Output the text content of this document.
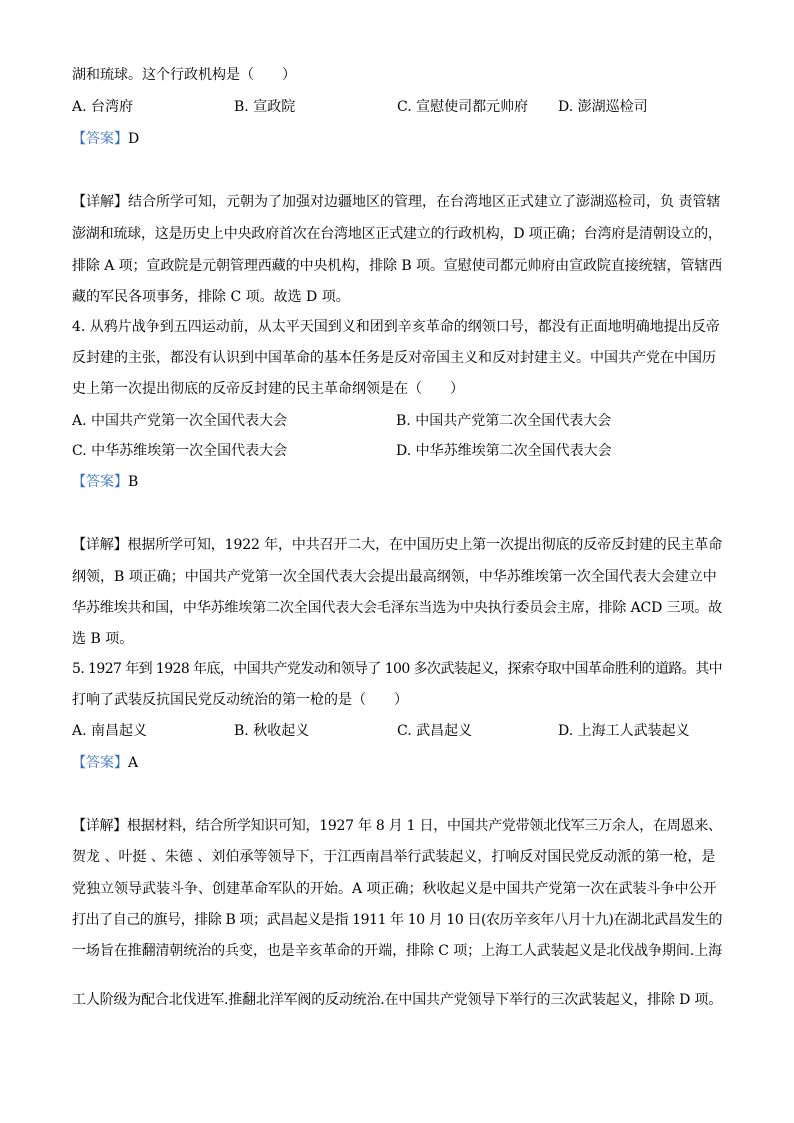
湖和琉球。这个行政机构是（　　）
A. 台湾府	B. 宣政院	C. 宣慰使司都元帅府 D. 澎湖巡检司
【答案】D
【详解】结合所学可知，元朝为了加强对边疆地区的管理，在台湾地区正式建立了澎湖巡检司，负 责管辖
澎湖和琉球，这是历史上中央政府首次在台湾地区正式建立的行政机构，D 项正确；台湾府是清朝设立的，
排除 A 项；宣政院是元朝管理西藏的中央机构，排除 B 项。宣慰使司都元帅府由宣政院直接统辖，管辖西
藏的军民各项事务，排除 C 项。故选 D 项。
4. 从鸦片战争到五四运动前，从太平天国到义和团到辛亥革命的纲领口号，都没有正面地明确地提出反帝
反封建的主张，都没有认识到中国革命的基本任务是反对帝国主义和反对封建主义。中国共产党在中国历
史上第一次提出彻底的反帝反封建的民主革命纲领是在（　　）
A. 中国共产党第一次全国代表大会	B. 中国共产党第二次全国代表大会
C. 中华苏维埃第一次全国代表大会	D. 中华苏维埃第二次全国代表大会
【答案】B
【详解】根据所学可知，1922 年，中共召开二大，在中国历史上第一次提出彻底的反帝反封建的民主革命
纲领，B 项正确；中国共产党第一次全国代表大会提出最高纲领，中华苏维埃第一次全国代表大会建立中
华苏维埃共和国，中华苏维埃第二次全国代表大会毛泽东当选为中央执行委员会主席，排除 ACD 三项。故
选 B 项。
5. 1927 年到 1928 年底，中国共产党发动和领导了 100 多次武装起义，探索夺取中国革命胜利的道路。其中
打响了武装反抗国民党反动统治的第一枪的是（　　）
A. 南昌起义	B. 秋收起义	C. 武昌起义	D. 上海工人武装起义
【答案】A
【详解】根据材料，结合所学知识可知，1927 年 8 月 1 日，中国共产党带领北伐军三万余人，在周恩来、
贺龙 、叶挺 、朱德 、刘伯承等领导下，于江西南昌举行武装起义，打响反对国民党反动派的第一枪，是
党独立领导武装斗争、创建革命军队的开始。A 项正确；秋收起义是中国共产党第一次在武装斗争中公开
打出了自己的旗号，排除 B 项；武昌起义是指 1911 年 10 月 10 日(农历辛亥年八月十九)在湖北武昌发生的
一场旨在推翻清朝统治的兵变，也是辛亥革命的开端，排除 C 项；上海工人武装起义是北伐战争期间.上海
工人阶级为配合北伐进军.推翻北洋军阀的反动统治.在中国共产党领导下举行的三次武装起义，排除 D 项。
